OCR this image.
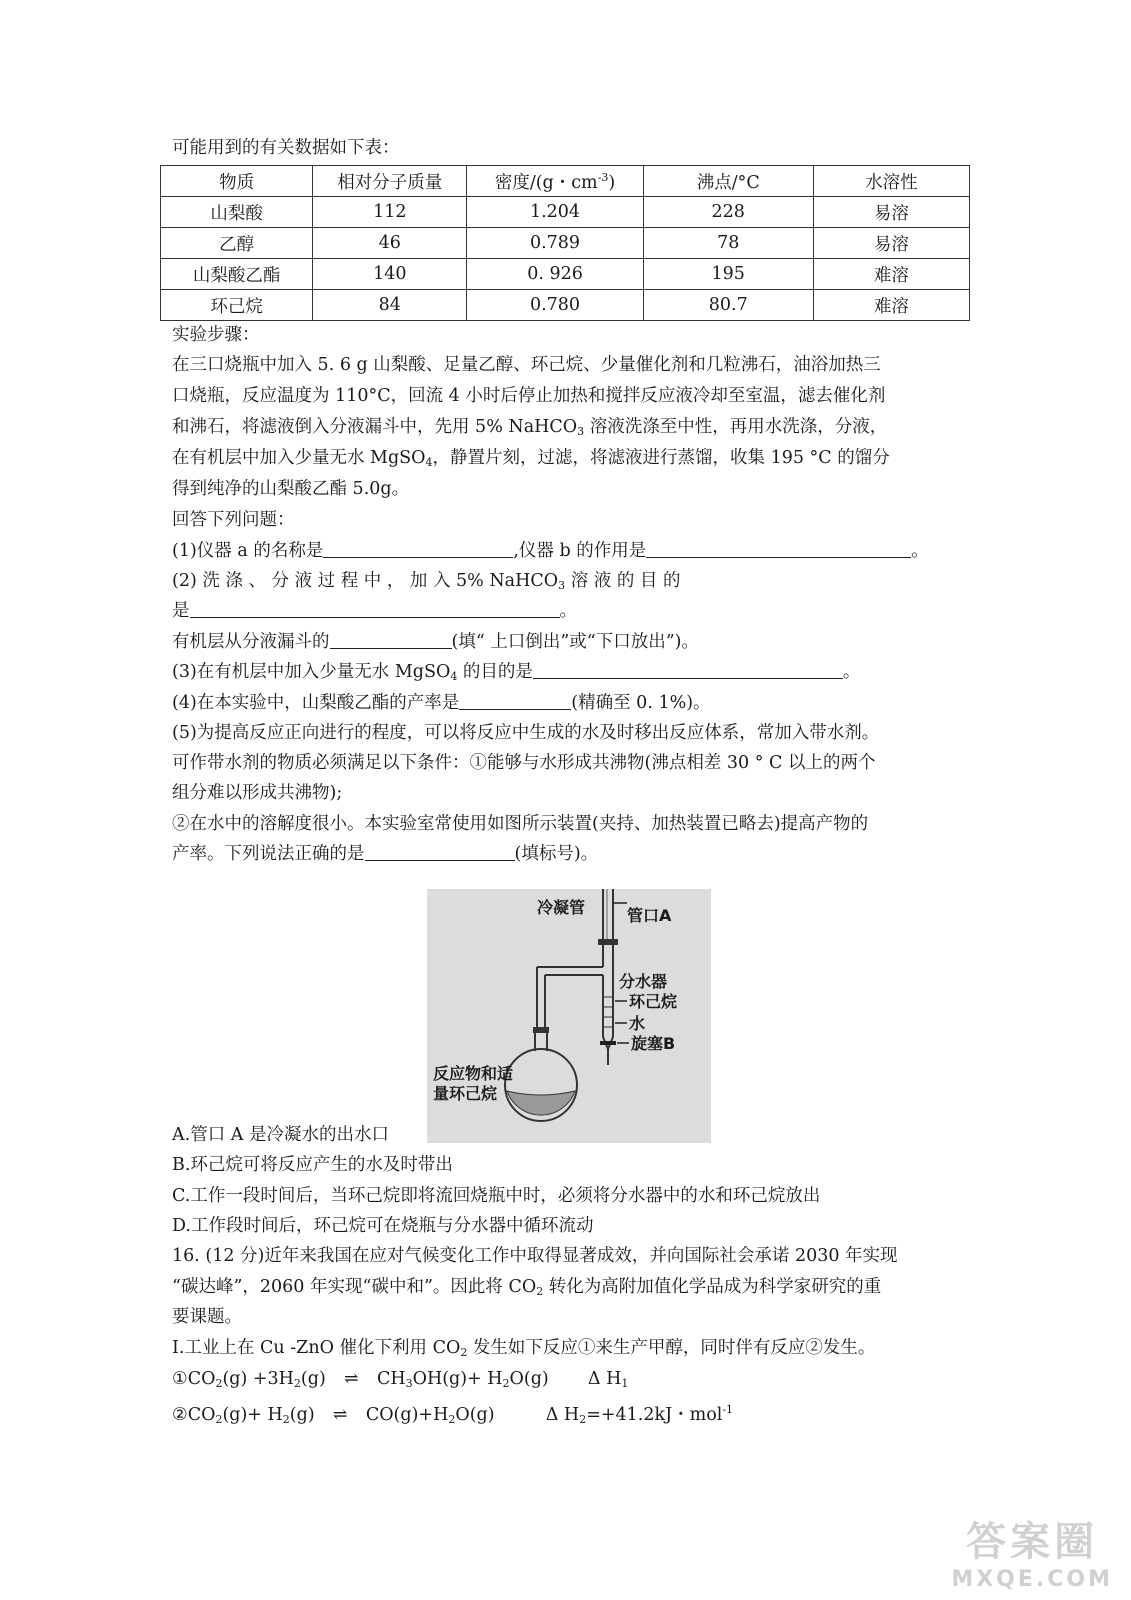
可能用到的有关数据如下表：
物质	相对分子质量	密度/(g・$cm^{-3}$)	沸点/°C	水溶性
山梨酸	112	1.204	228	易溶
乙醇	46	0.789	78	易溶
山梨酸乙酯	140	0. 926	195	难溶
环己烷	84	0.780	80.7	难溶
实验步骤：
在三口烧瓶中加入 5. 6 g 山梨酸、足量乙醇、环己烷、少量催化剂和几粒沸石，油浴加热三
口烧瓶，反应温度为 110°C，回流 4 小时后停止加热和搅拌反应液冷却至室温，滤去催化剂
和沸石，将滤液倒入分液漏斗中，先用 5% NaHCO$_3$ 溶液洗涤至中性，再用水洗涤，分液，
在有机层中加入少量无水 MgSO$_4$，静置片刻，过滤，将滤液进行蒸馏，收集 195 °C 的馏分
得到纯净的山梨酸乙酯 5.0g。
回答下列问题：
(1)仪器 a 的名称是	,仪器 b 的作用是	。
(2) 洗 涤 、 分 液 过 程 中 ， 加 入 5% NaHCO$_3$ 溶 液 的 目 的
是	。
有机层从分液漏斗的	(填“ 上口倒出”或“下口放出”)。
(3)在有机层中加入少量无水 MgSO$_4$ 的目的是	。
(4)在本实验中，山梨酸乙酯的产率是	(精确至 0. 1%)。
(5)为提高反应正向进行的程度，可以将反应中生成的水及时移出反应体系，常加入带水剂。
可作带水剂的物质必须满足以下条件：①能够与水形成共沸物(沸点相差 30 ° C 以上的两个
组分难以形成共沸物);
②在水中的溶解度很小。本实验室常使用如图所示装置(夹持、加热装置已略去)提高产物的
产率。下列说法正确的是	(填标号)。
冷凝管	管口A
分水器
环己烷
水
旋塞B
反应物和适
量环己烷
A.管口 A 是冷凝水的出水口
B.环己烷可将反应产生的水及时带出
C.工作一段时间后，当环己烷即将流回烧瓶中时，必须将分水器中的水和环己烷放出
D.工作段时间后，环己烷可在烧瓶与分水器中循环流动
16. (12 分)近年来我国在应对气候变化工作中取得显著成效，并向国际社会承诺 2030 年实现
“碳达峰”，2060 年实现“碳中和”。因此将 $CO_2$ 转化为高附加值化学品成为科学家研究的重
要课题。
I.工业上在 Cu -ZnO 催化下利用 $CO_2$ 发生如下反应①来生产甲醇，同时伴有反应②发生。
$①CO_2(g) +3H_2(g)$ ⇌ $CH_3OH(g)+ H_2O(g)$ Δ $H_1$
$②CO_2(g)+ H_2(g)$ ⇌ $CO(g)+H_2O(g)$	Δ $H_2=+41.2kJ$・mol$^{-1}$
答案圈
MXQE.COM
